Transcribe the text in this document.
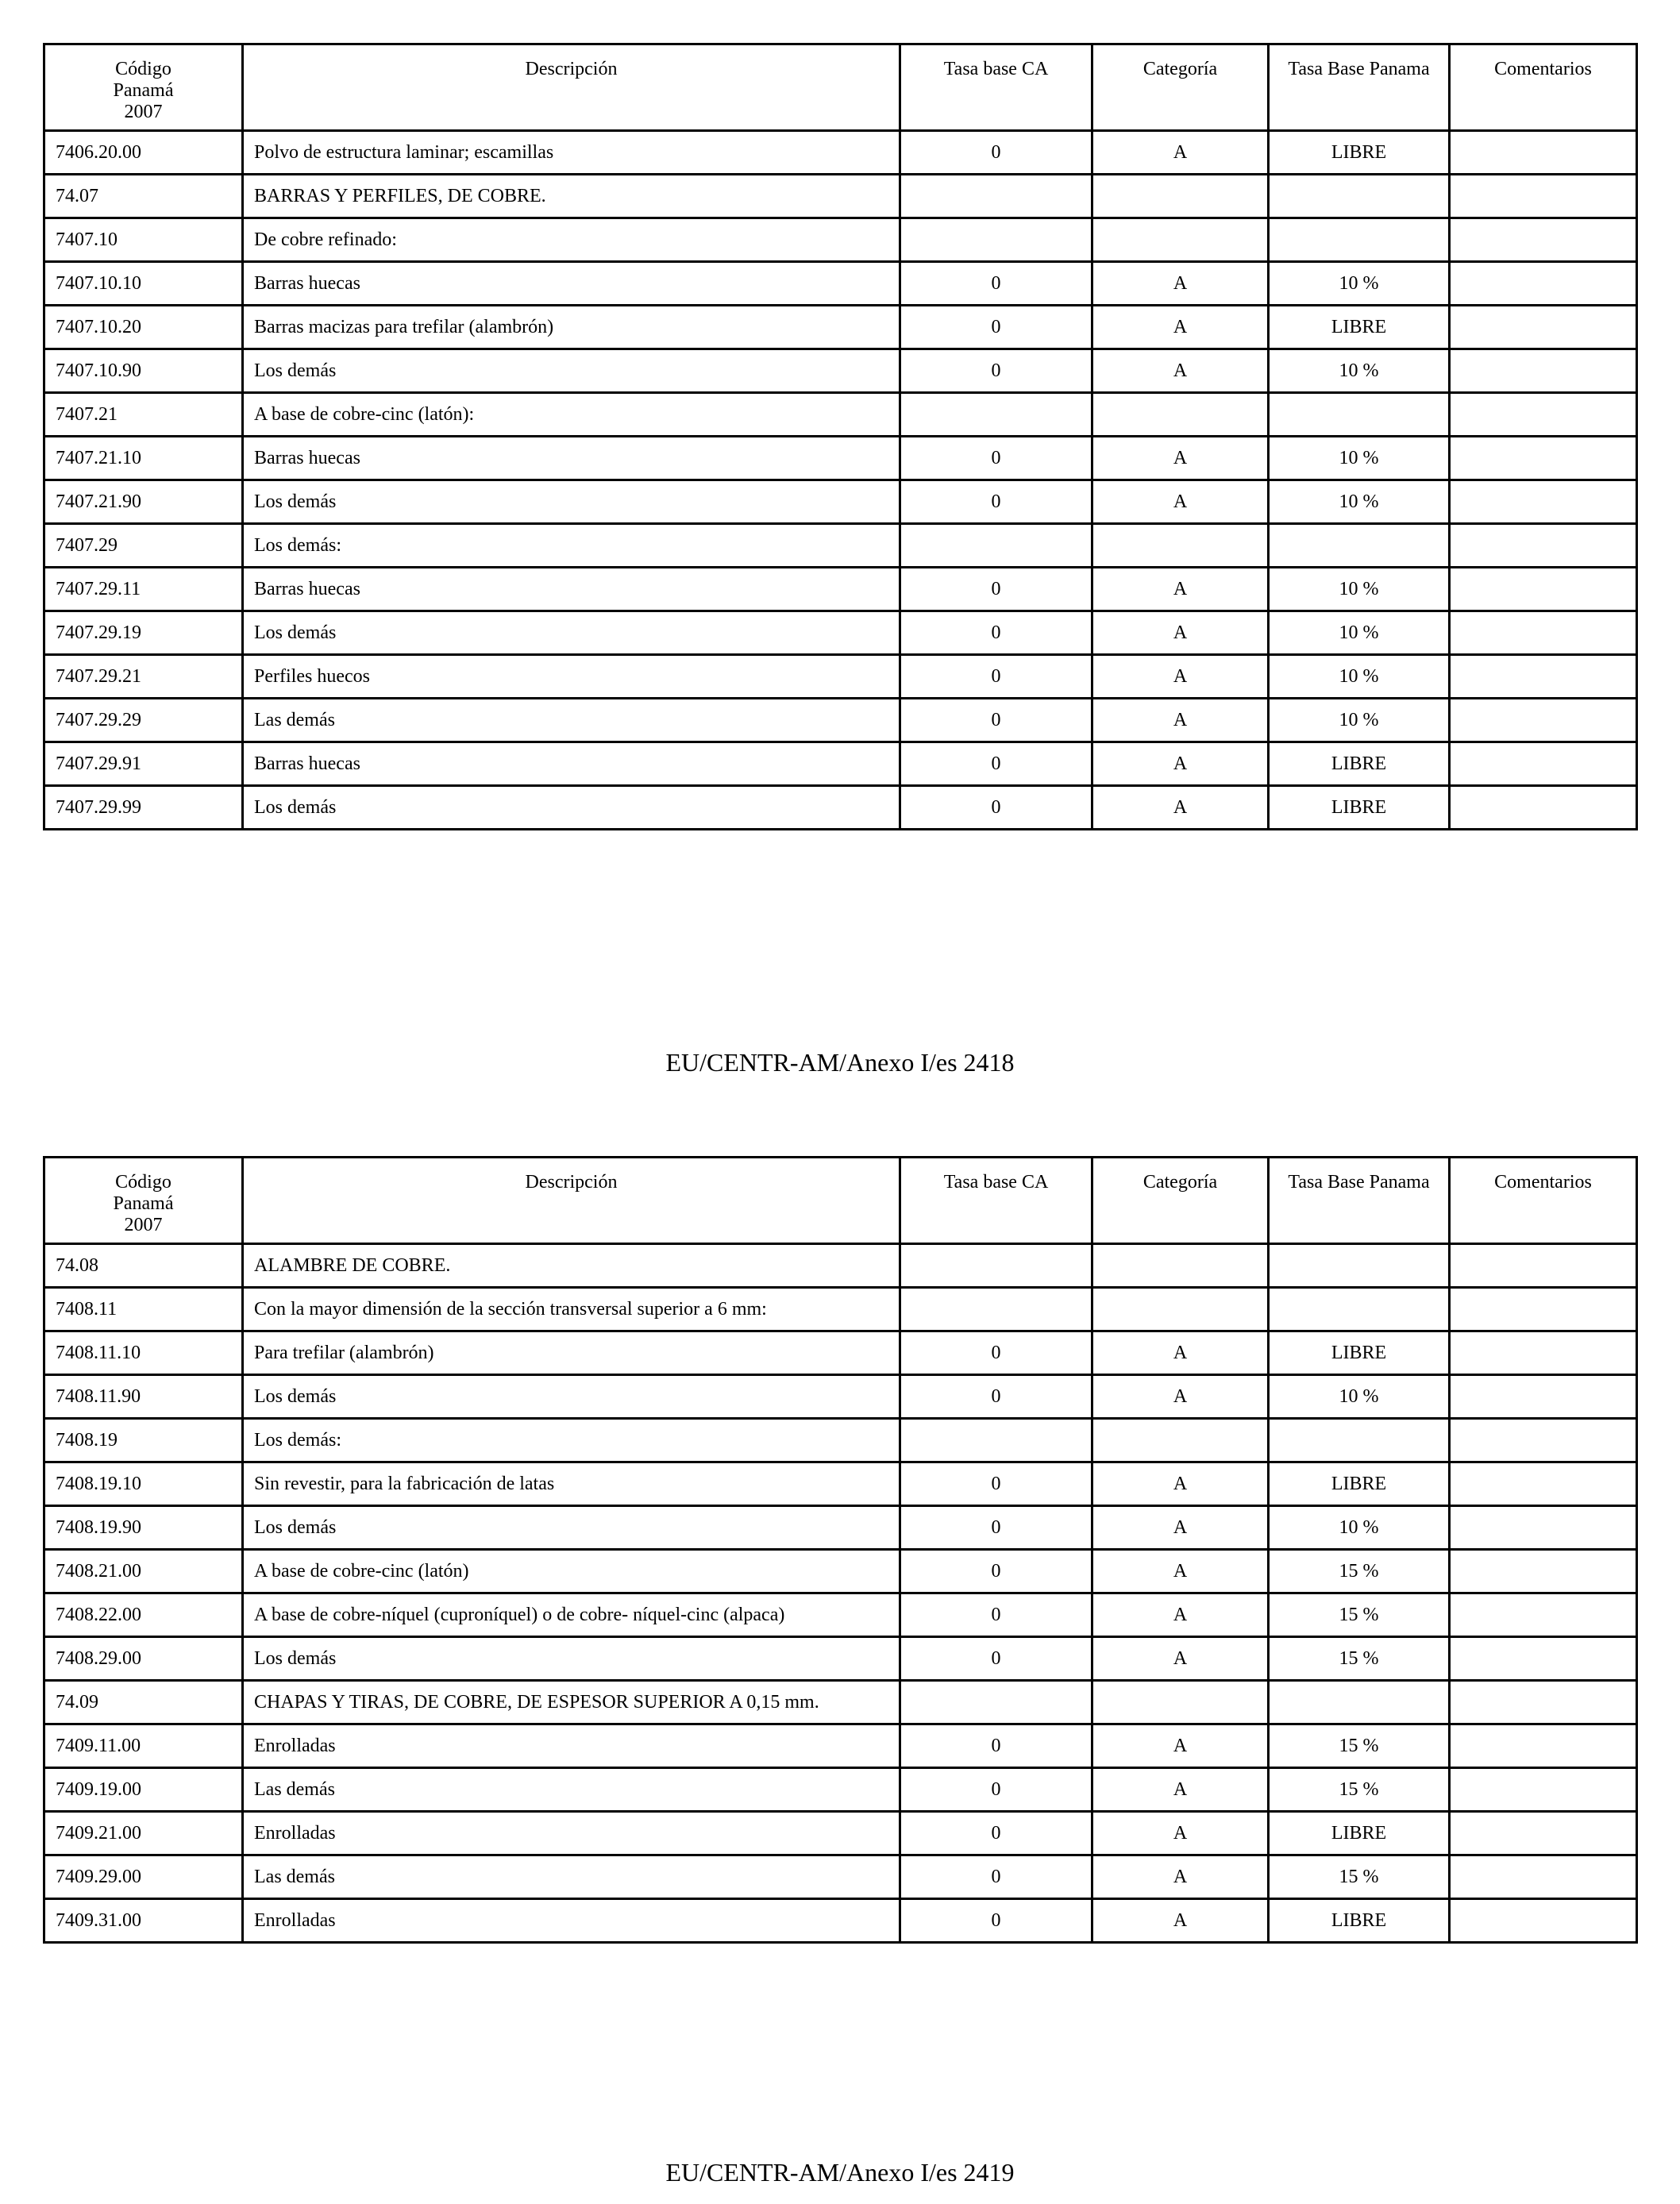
Código
Panamá
2007	Descripción	Tasa base CA	Categoría	Tasa Base Panama	Comentarios
7406.20.00	Polvo de estructura laminar; escamillas	0	A	LIBRE	
74.07	BARRAS Y PERFILES, DE COBRE.				
7407.10	De cobre refinado:				
7407.10.10	Barras huecas	0	A	10 %	
7407.10.20	Barras macizas para trefilar (alambrón)	0	A	LIBRE	
7407.10.90	Los demás	0	A	10 %	
7407.21	A base de cobre-cinc (latón):				
7407.21.10	Barras huecas	0	A	10 %	
7407.21.90	Los demás	0	A	10 %	
7407.29	Los demás:				
7407.29.11	Barras huecas	0	A	10 %	
7407.29.19	Los demás	0	A	10 %	
7407.29.21	Perfiles huecos	0	A	10 %	
7407.29.29	Las demás	0	A	10 %	
7407.29.91	Barras huecas	0	A	LIBRE	
7407.29.99	Los demás	0	A	LIBRE	
EU/CENTR-AM/Anexo I/es 2418
Código
Panamá
2007	Descripción	Tasa base CA	Categoría	Tasa Base Panama	Comentarios
74.08	ALAMBRE DE COBRE.				
7408.11	Con la mayor dimensión de la sección transversal superior a 6 mm:				
7408.11.10	Para trefilar (alambrón)	0	A	LIBRE	
7408.11.90	Los demás	0	A	10 %	
7408.19	Los demás:				
7408.19.10	Sin revestir, para la fabricación de latas	0	A	LIBRE	
7408.19.90	Los demás	0	A	10 %	
7408.21.00	A base de cobre-cinc (latón)	0	A	15 %	
7408.22.00	A base de cobre-níquel (cuproníquel) o de cobre- níquel-cinc (alpaca)	0	A	15 %	
7408.29.00	Los demás	0	A	15 %	
74.09	CHAPAS Y TIRAS, DE COBRE, DE ESPESOR SUPERIOR A 0,15 mm.				
7409.11.00	Enrolladas	0	A	15 %	
7409.19.00	Las demás	0	A	15 %	
7409.21.00	Enrolladas	0	A	LIBRE	
7409.29.00	Las demás	0	A	15 %	
7409.31.00	Enrolladas	0	A	LIBRE	
EU/CENTR-AM/Anexo I/es 2419
